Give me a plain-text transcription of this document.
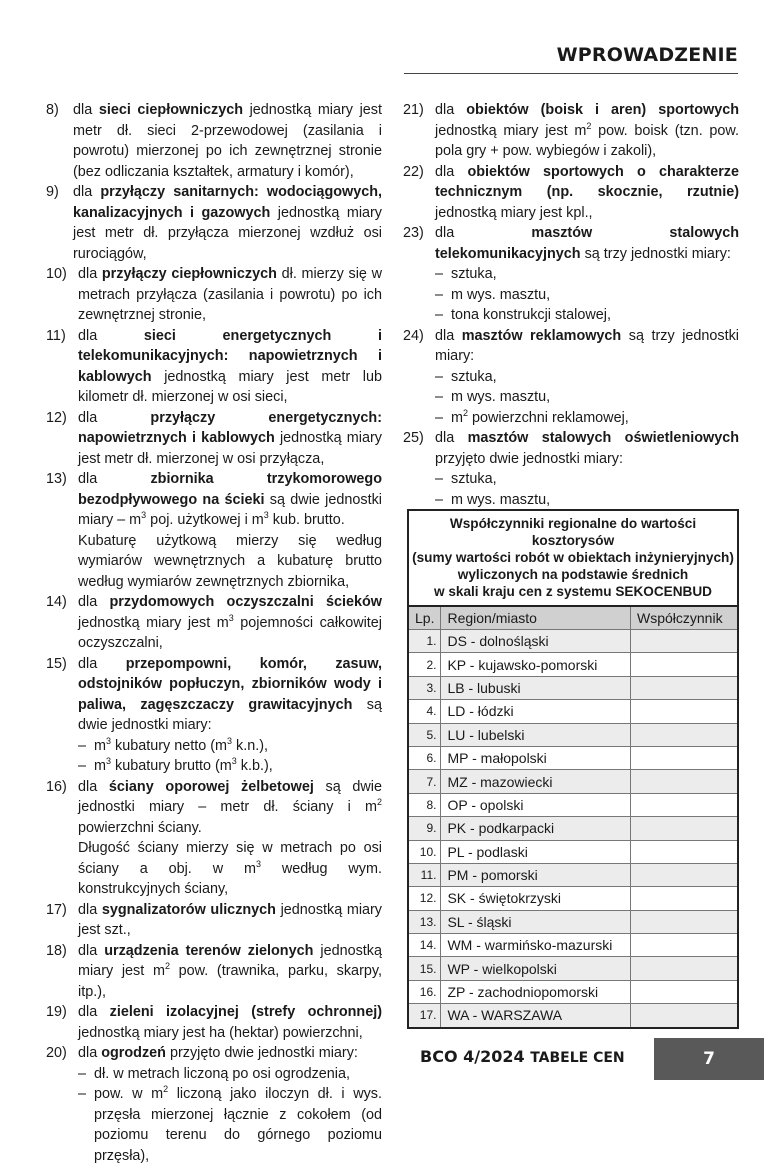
WPROWADZENIE
8) dla sieci ciepłowniczych jednostką miary jest metr dł. sieci 2-przewodowej (zasilania i powrotu) mierzonej po ich zewnętrznej stronie (bez odliczania kształtek, armatury i komór),
9) dla przyłączy sanitarnych: wodociągowych, kanalizacyjnych i gazowych jednostką miary jest metr dł. przyłącza mierzonej wzdłuż osi rurociągów,
10) dla przyłączy ciepłowniczych dł. mierzy się w metrach przyłącza (zasilania i powrotu) po ich zewnętrznej stronie,
11) dla sieci energetycznych i telekomunikacyjnych: napowietrznych i kablowych jednostką miary jest metr lub kilometr dł. mierzonej w osi sieci,
12) dla przyłączy energetycznych: napowietrznych i kablowych jednostką miary jest metr dł. mierzonej w osi przyłącza,
13) dla zbiornika trzykomorowego bezodpływowego na ścieki są dwie jednostki miary – $m^3$ poj. użytkowej i $m^3$ kub. brutto.
Kubaturę użytkową mierzy się według wymiarów wewnętrznych a kubaturę brutto według wymiarów zewnętrznych zbiornika,
14) dla przydomowych oczyszczalni ścieków jednostką miary jest $m^3$ pojemności całkowitej oczyszczalni,
15) dla przepompowni, komór, zasuw, odstojników popłuczyn, zbiorników wody i paliwa, zagęszczaczy grawitacyjnych są dwie jednostki miary:
– $m^3$ kubatury netto ($m^3$ k.n.),
– $m^3$ kubatury brutto ($m^3$ k.b.),
16) dla ściany oporowej żelbetowej są dwie jednostki miary – metr dł. ściany i $m^2$ powierzchni ściany.
Długość ściany mierzy się w metrach po osi ściany a obj. w $m^3$ według wym. konstrukcyjnych ściany,
17) dla sygnalizatorów ulicznych jednostką miary jest szt.,
18) dla urządzenia terenów zielonych jednostką miary jest $m^2$ pow. (trawnika, parku, skarpy, itp.),
19) dla zieleni izolacyjnej (strefy ochronnej) jednostką miary jest ha (hektar) powierzchni,
20) dla ogrodzeń przyjęto dwie jednostki miary:
– dł. w metrach liczoną po osi ogrodzenia,
– pow. w $m^2$ liczoną jako iloczyn dł. i wys. przęsła mierzonej łącznie z cokołem (od poziomu terenu do górnego poziomu przęsła),
21) dla obiektów (boisk i aren) sportowych jednostką miary jest $m^2$ pow. boisk (tzn. pow. pola gry + pow. wybiegów i zakoli),
22) dla obiektów sportowych o charakterze technicznym (np. skocznie, rzutnie) jednostką miary jest kpl.,
23) dla masztów stalowych telekomunikacyjnych są trzy jednostki miary:
– sztuka,
– m wys. masztu,
– tona konstrukcji stalowej,
24) dla masztów reklamowych są trzy jednostki miary:
– sztuka,
– m wys. masztu,
– $m^2$ powierzchni reklamowej,
25) dla masztów stalowych oświetleniowych przyjęto dwie jednostki miary:
– sztuka,
– m wys. masztu,
Współczynniki regionalne do wartości kosztorysów
(sumy wartości robót w obiektach inżynieryjnych)
wyliczonych na podstawie średnich
w skali kraju cen z systemu SEKOCENBUD
Lp.	Region/miasto	Współczynnik
1.	DS - dolnośląski	
2.	KP - kujawsko-pomorski	
3.	LB - lubuski	
4.	LD - łódzki	
5.	LU - lubelski	
6.	MP - małopolski	
7.	MZ - mazowiecki	
8.	OP - opolski	
9.	PK - podkarpacki	
10.	PL - podlaski	
11.	PM - pomorski	
12.	SK - świętokrzyski	
13.	SL - śląski	
14.	WM - warmińsko-mazurski	
15.	WP - wielkopolski	
16.	ZP - zachodniopomorski	
17.	WA - WARSZAWA	
BCO 4/2024 TABELE CEN	7
